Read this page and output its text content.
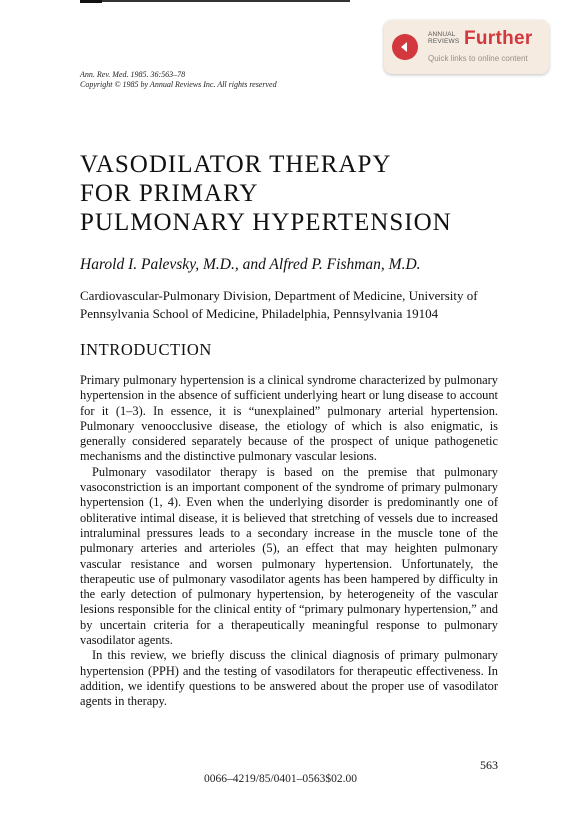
ANNUAL REVIEWS Further
Quick links to online content
Ann. Rev. Med. 1985. 36:563–78
Copyright © 1985 by Annual Reviews Inc. All rights reserved
VASODILATOR THERAPY
FOR PRIMARY
PULMONARY HYPERTENSION
Harold I. Palevsky, M.D., and Alfred P. Fishman, M.D.
Cardiovascular-Pulmonary Division, Department of Medicine, University of Pennsylvania School of Medicine, Philadelphia, Pennsylvania 19104
INTRODUCTION

Primary pulmonary hypertension is a clinical syndrome characterized by pulmonary hypertension in the absence of sufficient underlying heart or lung disease to account for it (1–3). In essence, it is “unexplained” pulmonary arterial hypertension. Pulmonary venoocclusive disease, the etiology of which is also enigmatic, is generally considered separately because of the prospect of unique pathogenetic mechanisms and the distinctive pulmonary vascular lesions.

Pulmonary vasodilator therapy is based on the premise that pulmonary vasoconstriction is an important component of the syndrome of primary pulmonary hypertension (1, 4). Even when the underlying disorder is predominantly one of obliterative intimal disease, it is believed that stretching of vessels due to increased intraluminal pressures leads to a secondary increase in the muscle tone of the pulmonary arteries and arterioles (5), an effect that may heighten pulmonary vascular resistance and worsen pulmonary hypertension. Unfortunately, the therapeutic use of pulmonary vasodilator agents has been hampered by difficulty in the early detection of pulmonary hypertension, by heterogeneity of the vascular lesions responsible for the clinical entity of “primary pulmonary hypertension,” and by uncertain criteria for a therapeutically meaningful response to pulmonary vasodilator agents.

In this review, we briefly discuss the clinical diagnosis of primary pulmonary hypertension (PPH) and the testing of vasodilators for therapeutic effectiveness. In addition, we identify questions to be answered about the proper use of vasodilator agents in therapy.

563
0066–4219/85/0401–0563$02.00
